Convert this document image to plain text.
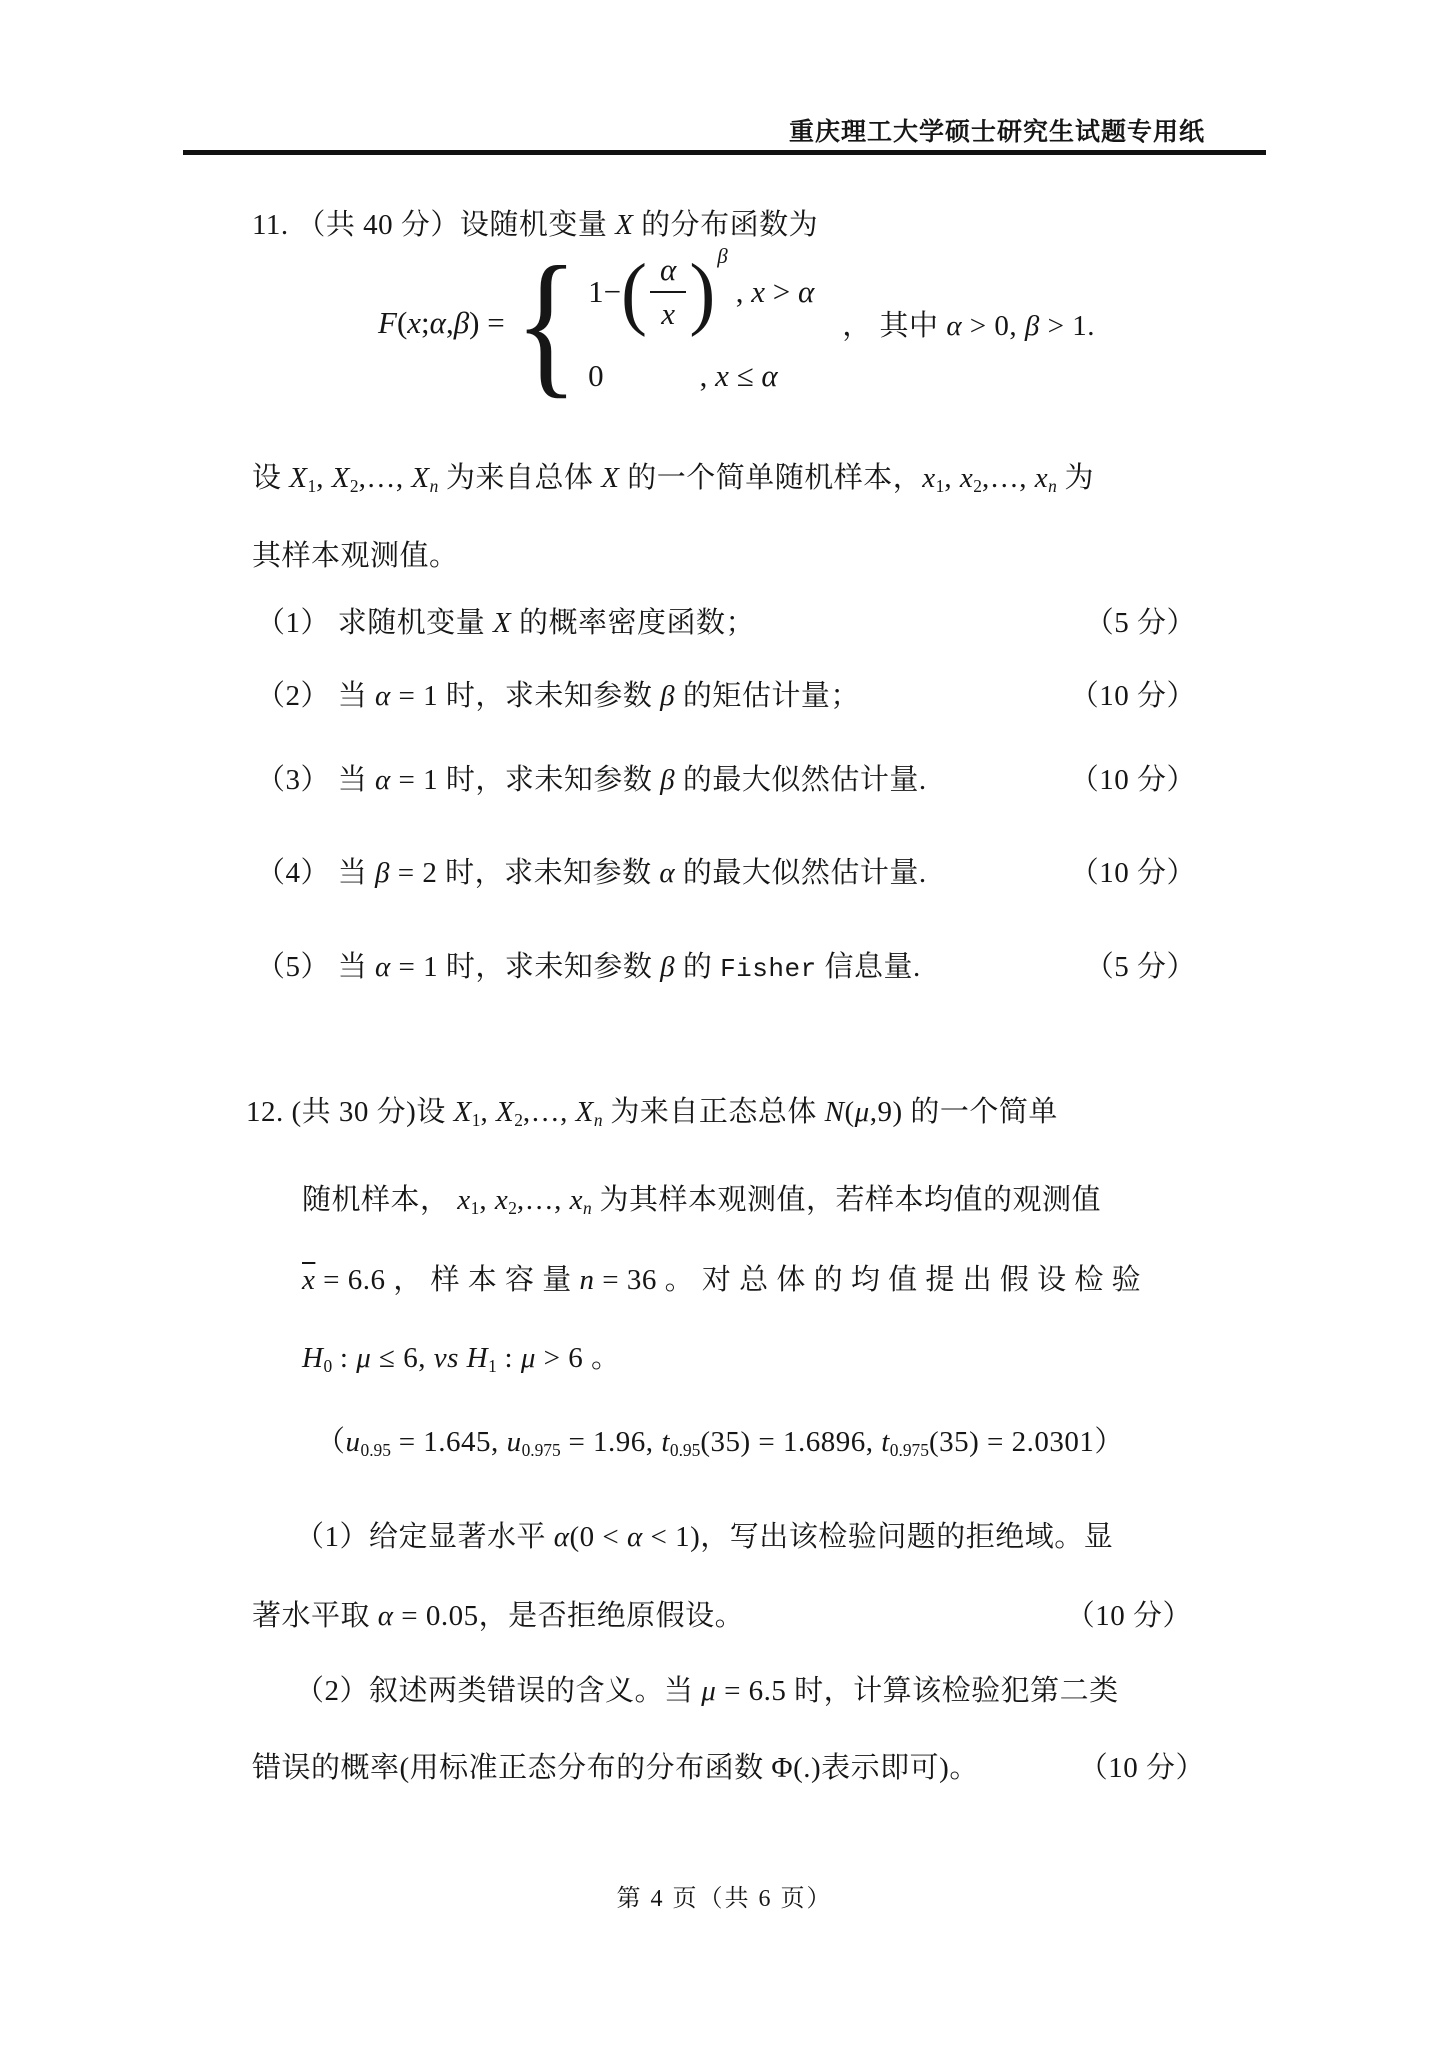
重庆理工大学硕士研究生试题专用纸
11. （共 40 分）设随机变量 X 的分布函数为
F(x;α,β) = { 1− ( $\frac{\alpha}{x}$ ) β
, x > α
0	, x ≤ α
， 其中 α > 0, β > 1.
设 $X_1$, $X_2,\dots$, $X_n$ 为来自总体 X 的一个简单随机样本，$x_1$, $x_2,\dots$, $x_n$ 为
其样本观测值。
（1） 求随机变量 X 的概率密度函数；	（5 分）
（2） 当 α = 1 时，求未知参数 β 的矩估计量；	（10 分）
（3） 当 α = 1 时，求未知参数 β 的最大似然估计量.	（10 分）
（4） 当 β = 2 时，求未知参数 α 的最大似然估计量.	（10 分）
（5） 当 α = 1 时，求未知参数 β 的 Fisher 信息量.	（5 分）
12. (共 30 分)设 $X_1$, $X_2,\dots$, $X_n$ 为来自正态总体 N(μ,9) 的一个简单
随机样本， $x_1$, $x_2,\dots$, $x_n$ 为其样本观测值，若样本均值的观测值
$\overline{x} = 6.6$ ， 样 本 容 量 n = 36 。 对 总 体 的 均 值 提 出 假 设 检 验
$H_0$ : μ ≤ 6, vs $H_1$ : μ > 6 。
（$u_{0.95} = 1.645$, $u_{0.975} = 1.96$, $t_{0.95}(35) = 1.6896$, $t_{0.975}(35) = 2.0301$）
（1）给定显著水平 α(0 < α < 1)，写出该检验问题的拒绝域。显
著水平取 α = 0.05，是否拒绝原假设。	（10 分）
（2）叙述两类错误的含义。当 μ = 6.5 时，计算该检验犯第二类
错误的概率(用标准正态分布的分布函数 Φ(.)表示即可)。	（10 分）
第 4 页（共 6 页）
